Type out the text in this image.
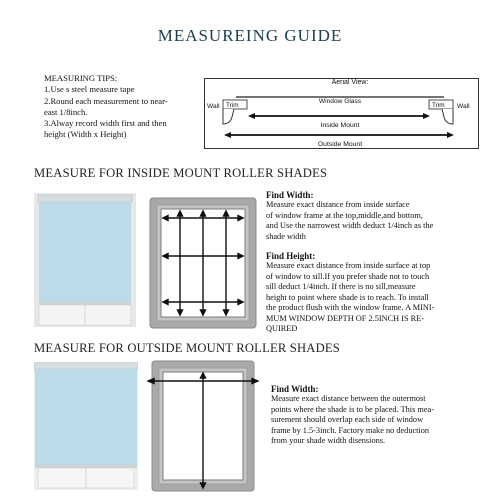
MEASUREING GUIDE
MEASURING TIPS:
1.Use s steel measure tape
2.Round each measurement to near-
east 1/8inch.
3.Alway record width first and then
height (Width x Height)
Aerial View:
Window Glass
Wall Trim	Wall
Trim
Inside Mount
Outside Mount
MEASURE FOR INSIDE MOUNT ROLLER SHADES
Find Width:
Measure exact distance from inside surface
of window frame at the top,middle,and bottom,
and Use the narrowest width deduct 1/4inch as the
shade width
Find Height:
Measure exact distance from inside surface at top
of window to sill.If you prefer shade not to touch
sill deduct 1/4inch. If there is no sill,measure
height to point where shade is to reach. To install
the product flush with the window frame. A MINI-
MUM WINDOW DEPTH OF 2.5INCH IS RE-
QUIRED
MEASURE FOR OUTSIDE MOUNT ROLLER SHADES
Find Width:
Measure exact distance between the outermost
points where the shade is to be placed. This mea-
surement should overlap each side of window
frame by 1.5-3inch. Factory make no deduction
from your shade width disensions.
